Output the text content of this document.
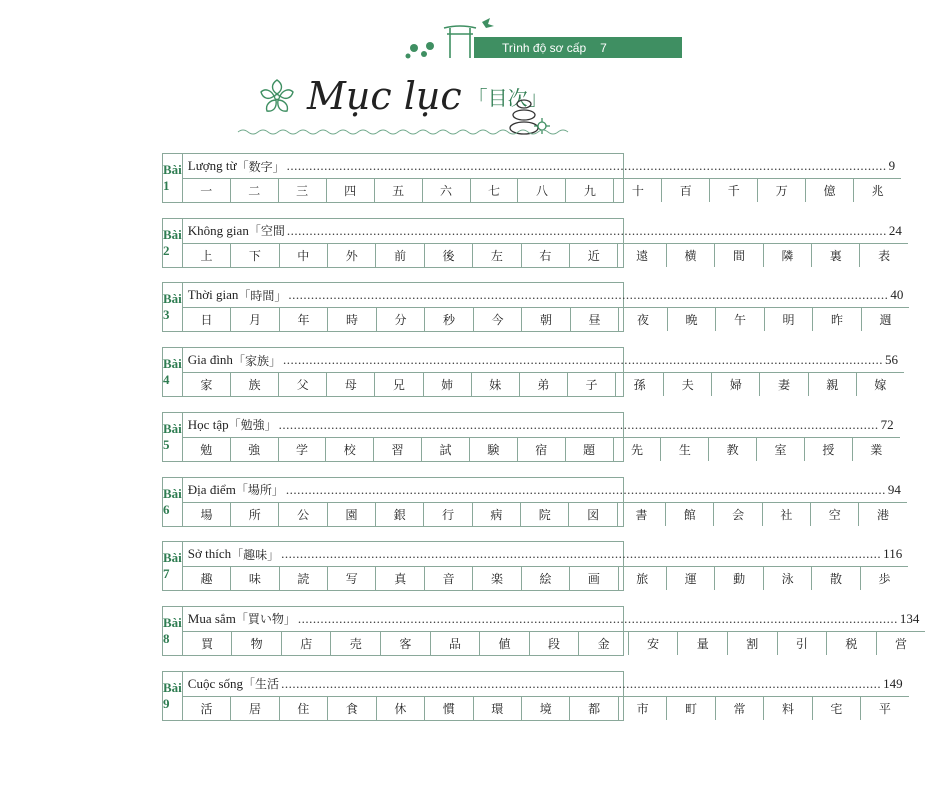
Trình độ sơ cấp 7
Mục lục 「目次」
Bài 1
Lượng từ 「数字」 ................................................................................................................................................................ 9
一	二	三	四	五	六	七	八	九	十	百	千	万	億	兆
Bài 2
Không gian 「空間 ................................................................................................................................................................ 24
上	下	中	外	前	後	左	右	近	遠	横	間	隣	裏	表
Bài 3
Thời gian 「時間」 ................................................................................................................................................................ 40
日	月	年	時	分	秒	今	朝	昼	夜	晩	午	明	昨	週
Bài 4
Gia đình 「家族」 ................................................................................................................................................................ 56
家	族	父	母	兄	姉	妹	弟	子	孫	夫	婦	妻	親	嫁
Bài 5
Học tập 「勉強」 ................................................................................................................................................................ 72
勉	強	学	校	習	試	験	宿	題	先	生	教	室	授	業
Bài 6
Địa điểm 「場所」 ................................................................................................................................................................ 94
場	所	公	園	銀	行	病	院	図	書	館	会	社	空	港
Bài 7
Sở thích 「趣味」 ................................................................................................................................................................ 116
趣	味	読	写	真	音	楽	絵	画	旅	運	動	泳	散	歩
Bài 8
Mua sắm 「買い物」 ................................................................................................................................................................ 134
買	物	店	売	客	品	値	段	金	安	量	割	引	税	営
Bài 9
Cuộc sống 「生活 ................................................................................................................................................................ 149
活	居	住	食	休	慣	環	境	都	市	町	常	料	宅	平
